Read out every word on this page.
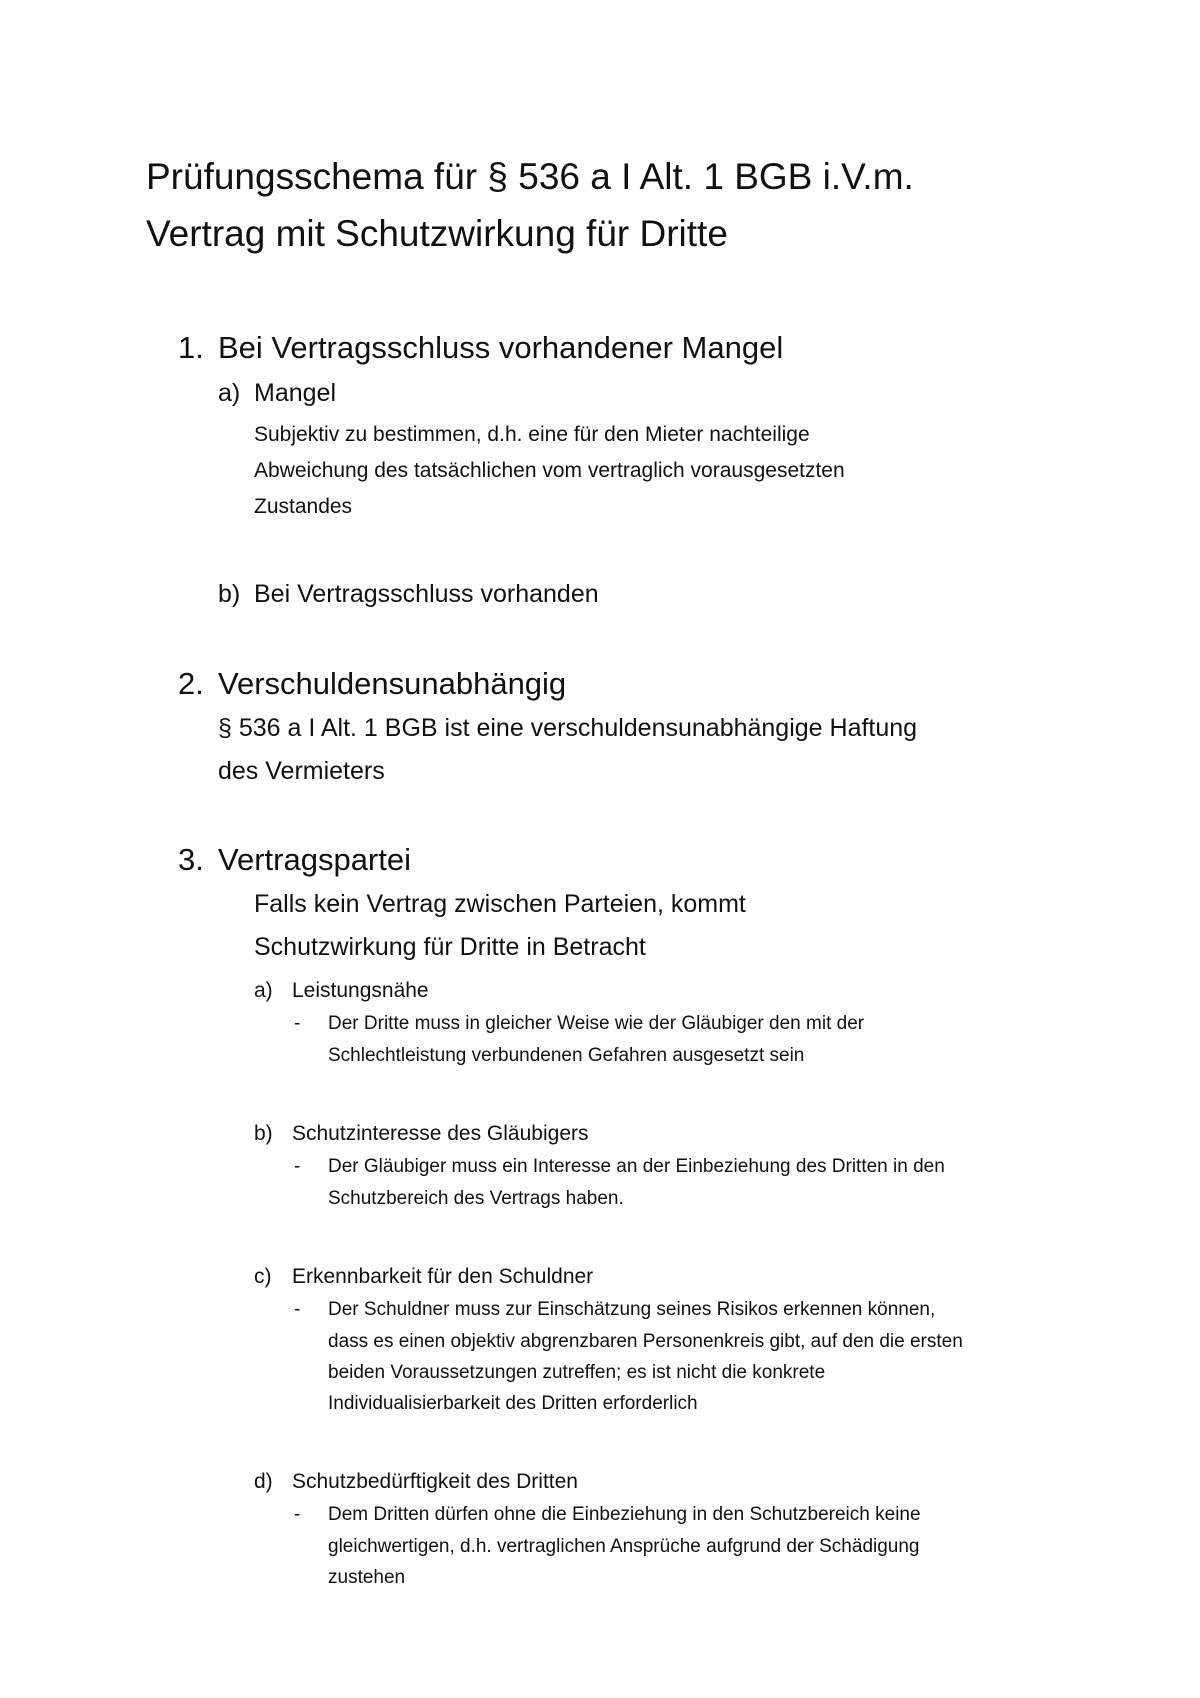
Prüfungsschema für § 536 a I Alt. 1 BGB i.V.m.
Vertrag mit Schutzwirkung für Dritte
1. Bei Vertragsschluss vorhandener Mangel
a) Mangel
Subjektiv zu bestimmen, d.h. eine für den Mieter nachteilige
Abweichung des tatsächlichen vom vertraglich vorausgesetzten
Zustandes
b) Bei Vertragsschluss vorhanden
2. Verschuldensunabhängig
§ 536 a I Alt. 1 BGB ist eine verschuldensunabhängige Haftung
des Vermieters
3. Vertragspartei
Falls kein Vertrag zwischen Parteien, kommt
Schutzwirkung für Dritte in Betracht
a) Leistungsnähe
- Der Dritte muss in gleicher Weise wie der Gläubiger den mit der
Schlechtleistung verbundenen Gefahren ausgesetzt sein
b) Schutzinteresse des Gläubigers
- Der Gläubiger muss ein Interesse an der Einbeziehung des Dritten in den
Schutzbereich des Vertrags haben.
c) Erkennbarkeit für den Schuldner
- Der Schuldner muss zur Einschätzung seines Risikos erkennen können,
dass es einen objektiv abgrenzbaren Personenkreis gibt, auf den die ersten
beiden Voraussetzungen zutreffen; es ist nicht die konkrete
Individualisierbarkeit des Dritten erforderlich
d) Schutzbedürftigkeit des Dritten
- Dem Dritten dürfen ohne die Einbeziehung in den Schutzbereich keine
gleichwertigen, d.h. vertraglichen Ansprüche aufgrund der Schädigung
zustehen
